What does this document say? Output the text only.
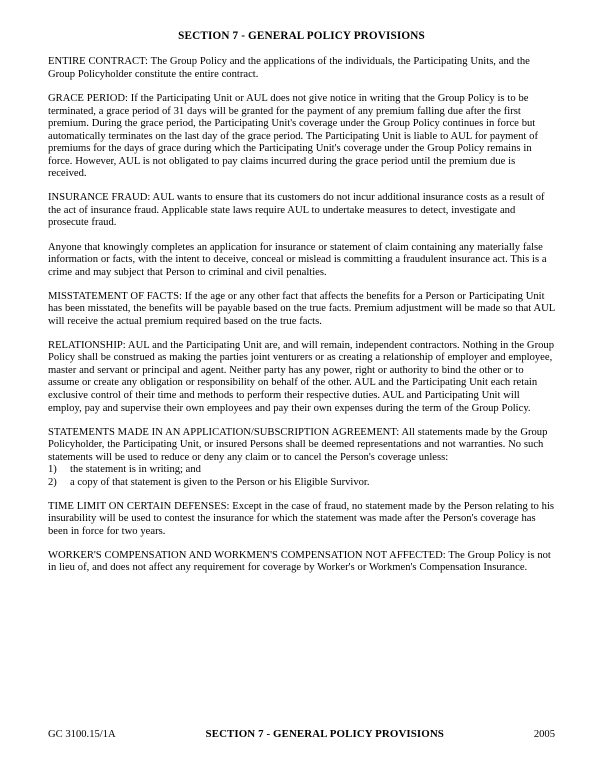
SECTION 7 - GENERAL POLICY PROVISIONS

ENTIRE CONTRACT: The Group Policy and the applications of the individuals, the Participating Units, and the Group Policyholder constitute the entire contract.

GRACE PERIOD: If the Participating Unit or AUL does not give notice in writing that the Group Policy is to be terminated, a grace period of 31 days will be granted for the payment of any premium falling due after the first premium. During the grace period, the Participating Unit's coverage under the Group Policy continues in force but automatically terminates on the last day of the grace period. The Participating Unit is liable to AUL for payment of premiums for the days of grace during which the Participating Unit's coverage under the Group Policy remains in force. However, AUL is not obligated to pay claims incurred during the grace period until the premium due is received.

INSURANCE FRAUD: AUL wants to ensure that its customers do not incur additional insurance costs as a result of the act of insurance fraud. Applicable state laws require AUL to undertake measures to detect, investigate and prosecute fraud.

Anyone that knowingly completes an application for insurance or statement of claim containing any materially false information or facts, with the intent to deceive, conceal or mislead is committing a fraudulent insurance act. This is a crime and may subject that Person to criminal and civil penalties.

MISSTATEMENT OF FACTS: If the age or any other fact that affects the benefits for a Person or Participating Unit has been misstated, the benefits will be payable based on the true facts. Premium adjustment will be made so that AUL will receive the actual premium required based on the true facts.

RELATIONSHIP: AUL and the Participating Unit are, and will remain, independent contractors. Nothing in the Group Policy shall be construed as making the parties joint venturers or as creating a relationship of employer and employee, master and servant or principal and agent. Neither party has any power, right or authority to bind the other or to assume or create any obligation or responsibility on behalf of the other. AUL and the Participating Unit each retain exclusive control of their time and methods to perform their respective duties. AUL and Participating Unit will employ, pay and supervise their own employees and pay their own expenses during the term of the Group Policy.

STATEMENTS MADE IN AN APPLICATION/SUBSCRIPTION AGREEMENT: All statements made by the Group Policyholder, the Participating Unit, or insured Persons shall be deemed representations and not warranties. No such statements will be used to reduce or deny any claim or to cancel the Person's coverage unless:

1)	the statement is in writing; and
2)	a copy of that statement is given to the Person or his Eligible Survivor.

TIME LIMIT ON CERTAIN DEFENSES: Except in the case of fraud, no statement made by the Person relating to his insurability will be used to contest the insurance for which the statement was made after the Person's coverage has been in force for two years.

WORKER'S COMPENSATION AND WORKMEN'S COMPENSATION NOT AFFECTED: The Group Policy is not in lieu of, and does not affect any requirement for coverage by Worker's or Workmen's Compensation Insurance.

GC 3100.15/1A	SECTION 7 - GENERAL POLICY PROVISIONS	2005
